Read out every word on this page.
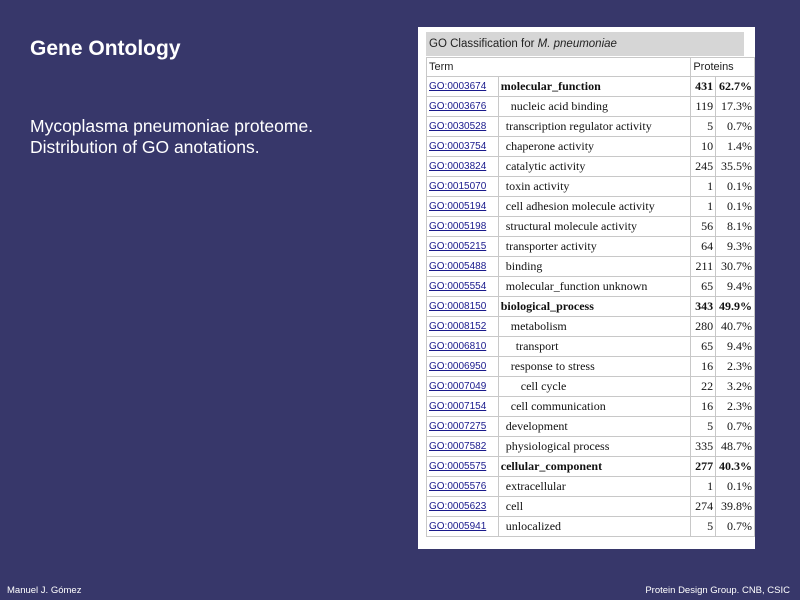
Gene Ontology
Mycoplasma pneumoniae proteome.
Distribution of GO anotations.
GO Classification for M. pneumoniae
Term		Proteins	
GO:0003674	molecular_function	431	62.7%
GO:0003676	nucleic acid binding	119	17.3%
GO:0030528	transcription regulator activity	5	0.7%
GO:0003754	chaperone activity	10	1.4%
GO:0003824	catalytic activity	245	35.5%
GO:0015070	toxin activity	1	0.1%
GO:0005194	cell adhesion molecule activity	1	0.1%
GO:0005198	structural molecule activity	56	8.1%
GO:0005215	transporter activity	64	9.3%
GO:0005488	binding	211	30.7%
GO:0005554	molecular_function unknown	65	9.4%
GO:0008150	biological_process	343	49.9%
GO:0008152	metabolism	280	40.7%
GO:0006810	transport	65	9.4%
GO:0006950	response to stress	16	2.3%
GO:0007049	cell cycle	22	3.2%
GO:0007154	cell communication	16	2.3%
GO:0007275	development	5	0.7%
GO:0007582	physiological process	335	48.7%
GO:0005575	cellular_component	277	40.3%
GO:0005576	extracellular	1	0.1%
GO:0005623	cell	274	39.8%
GO:0005941	unlocalized	5	0.7%
Manuel J. Gómez	Protein Design Group. CNB, CSIC
